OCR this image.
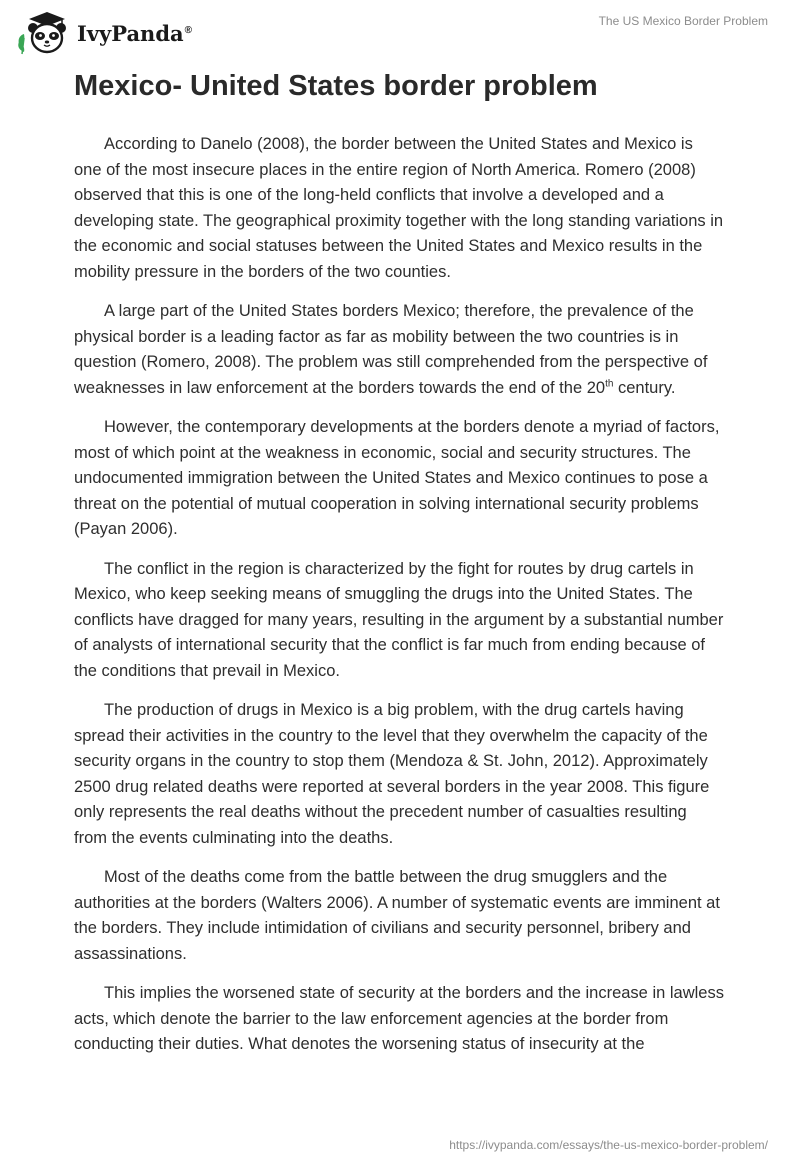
IvyPanda®
The US Mexico Border Problem
Mexico- United States border problem

According to Danelo (2008), the border between the United States and Mexico is one of the most insecure places in the entire region of North America. Romero (2008) observed that this is one of the long-held conflicts that involve a developed and a developing state. The geographical proximity together with the long standing variations in the economic and social statuses between the United States and Mexico results in the mobility pressure in the borders of the two counties.

A large part of the United States borders Mexico; therefore, the prevalence of the physical border is a leading factor as far as mobility between the two countries is in question (Romero, 2008). The problem was still comprehended from the perspective of weaknesses in law enforcement at the borders towards the end of the 20th century.

However, the contemporary developments at the borders denote a myriad of factors, most of which point at the weakness in economic, social and security structures. The undocumented immigration between the United States and Mexico continues to pose a threat on the potential of mutual cooperation in solving international security problems (Payan 2006).

The conflict in the region is characterized by the fight for routes by drug cartels in Mexico, who keep seeking means of smuggling the drugs into the United States. The conflicts have dragged for many years, resulting in the argument by a substantial number of analysts of international security that the conflict is far much from ending because of the conditions that prevail in Mexico.

The production of drugs in Mexico is a big problem, with the drug cartels having spread their activities in the country to the level that they overwhelm the capacity of the security organs in the country to stop them (Mendoza & St. John, 2012). Approximately 2500 drug related deaths were reported at several borders in the year 2008. This figure only represents the real deaths without the precedent number of casualties resulting from the events culminating into the deaths.

Most of the deaths come from the battle between the drug smugglers and the authorities at the borders (Walters 2006). A number of systematic events are imminent at the borders. They include intimidation of civilians and security personnel, bribery and assassinations.

This implies the worsened state of security at the borders and the increase in lawless acts, which denote the barrier to the law enforcement agencies at the border from conducting their duties. What denotes the worsening status of insecurity at the

https://ivypanda.com/essays/the-us-mexico-border-problem/
